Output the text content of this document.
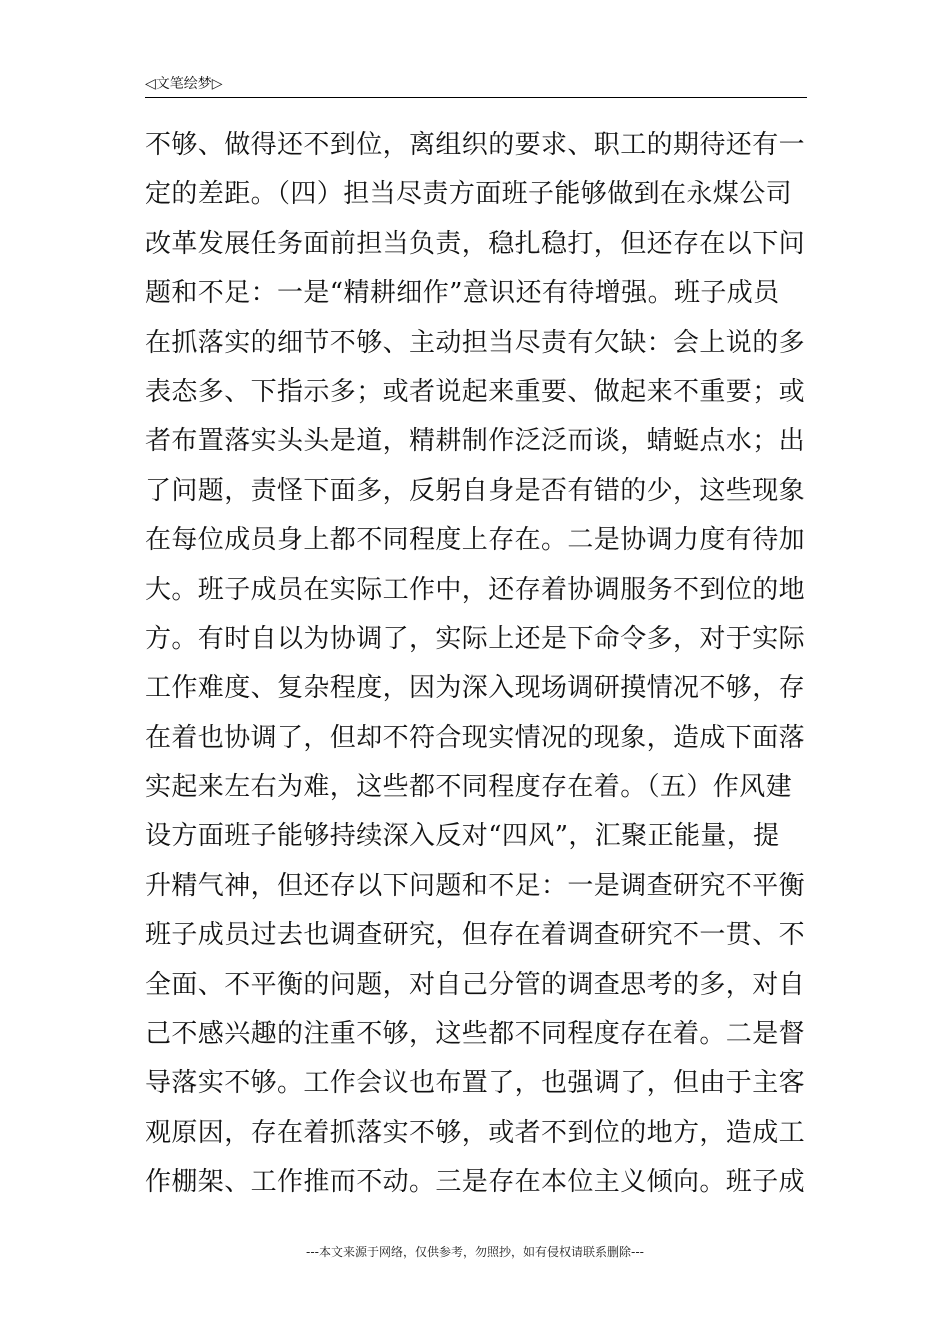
◁文笔绘梦▷
不够、做得还不到位，离组织的要求、职工的期待还有一
定的差距。（四）担当尽责方面班子能够做到在永煤公司
改革发展任务面前担当负责，稳扎稳打，但还存在以下问
题和不足：一是“精耕细作”意识还有待增强。班子成员
在抓落实的细节不够、主动担当尽责有欠缺：会上说的多
表态多、下指示多；或者说起来重要、做起来不重要；或
者布置落实头头是道，精耕制作泛泛而谈，蜻蜓点水；出
了问题，责怪下面多，反躬自身是否有错的少，这些现象
在每位成员身上都不同程度上存在。二是协调力度有待加
大。班子成员在实际工作中，还存着协调服务不到位的地
方。有时自以为协调了，实际上还是下命令多，对于实际
工作难度、复杂程度，因为深入现场调研摸情况不够，存
在着也协调了，但却不符合现实情况的现象，造成下面落
实起来左右为难，这些都不同程度存在着。（五）作风建
设方面班子能够持续深入反对“四风”，汇聚正能量，提
升精气神，但还存以下问题和不足：一是调查研究不平衡
班子成员过去也调查研究，但存在着调查研究不一贯、不
全面、不平衡的问题，对自己分管的调查思考的多，对自
己不感兴趣的注重不够，这些都不同程度存在着。二是督
导落实不够。工作会议也布置了，也强调了，但由于主客
观原因，存在着抓落实不够，或者不到位的地方，造成工
作棚架、工作推而不动。三是存在本位主义倾向。班子成
---本文来源于网络，仅供参考，勿照抄，如有侵权请联系删除---
